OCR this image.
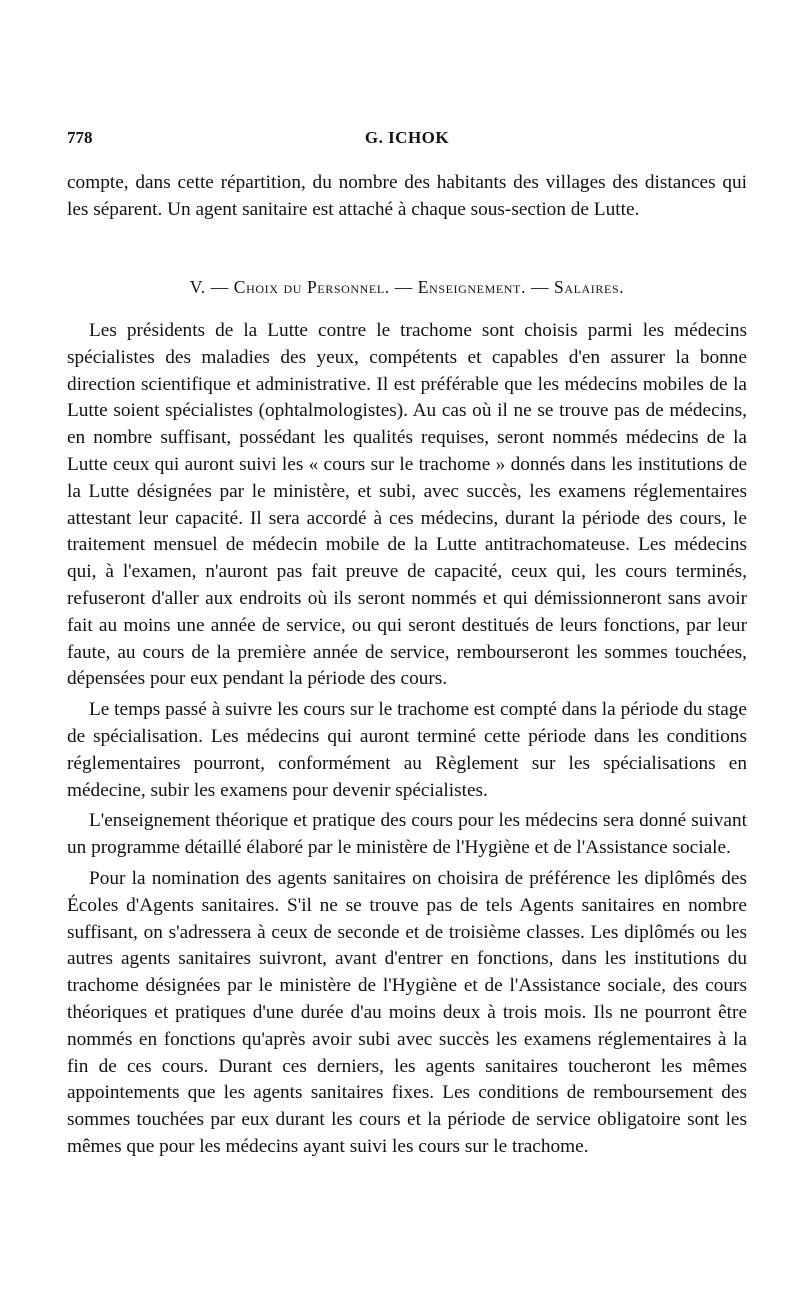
778	G. ICHOK

compte, dans cette répartition, du nombre des habitants des villages des distances qui les séparent. Un agent sanitaire est attaché à chaque sous-section de Lutte.

V. — Choix du Personnel. — Enseignement. — Salaires.

Les présidents de la Lutte contre le trachome sont choisis parmi les médecins spécialistes des maladies des yeux, compétents et capables d'en assurer la bonne direction scientifique et administrative. Il est préférable que les médecins mobiles de la Lutte soient spécialistes (ophtalmologistes). Au cas où il ne se trouve pas de médecins, en nombre suffisant, possédant les qualités requises, seront nommés médecins de la Lutte ceux qui auront suivi les « cours sur le trachome » donnés dans les institutions de la Lutte désignées par le ministère, et subi, avec succès, les examens réglementaires attestant leur capacité. Il sera accordé à ces médecins, durant la période des cours, le traitement mensuel de médecin mobile de la Lutte antitrachomateuse. Les médecins qui, à l'examen, n'auront pas fait preuve de capacité, ceux qui, les cours terminés, refuseront d'aller aux endroits où ils seront nommés et qui démissionneront sans avoir fait au moins une année de service, ou qui seront destitués de leurs fonctions, par leur faute, au cours de la première année de service, rembourseront les sommes touchées, dépensées pour eux pendant la période des cours.

Le temps passé à suivre les cours sur le trachome est compté dans la période du stage de spécialisation. Les médecins qui auront terminé cette période dans les conditions réglementaires pourront, conformément au Règlement sur les spécialisations en médecine, subir les examens pour devenir spécialistes.

L'enseignement théorique et pratique des cours pour les médecins sera donné suivant un programme détaillé élaboré par le ministère de l'Hygiène et de l'Assistance sociale.

Pour la nomination des agents sanitaires on choisira de préférence les diplômés des Écoles d'Agents sanitaires. S'il ne se trouve pas de tels Agents sanitaires en nombre suffisant, on s'adressera à ceux de seconde et de troisième classes. Les diplômés ou les autres agents sanitaires suivront, avant d'entrer en fonctions, dans les institutions du trachome désignées par le ministère de l'Hygiène et de l'Assistance sociale, des cours théoriques et pratiques d'une durée d'au moins deux à trois mois. Ils ne pourront être nommés en fonctions qu'après avoir subi avec succès les examens réglementaires à la fin de ces cours. Durant ces derniers, les agents sanitaires toucheront les mêmes appointements que les agents sanitaires fixes. Les conditions de remboursement des sommes touchées par eux durant les cours et la période de service obligatoire sont les mêmes que pour les médecins ayant suivi les cours sur le trachome.
